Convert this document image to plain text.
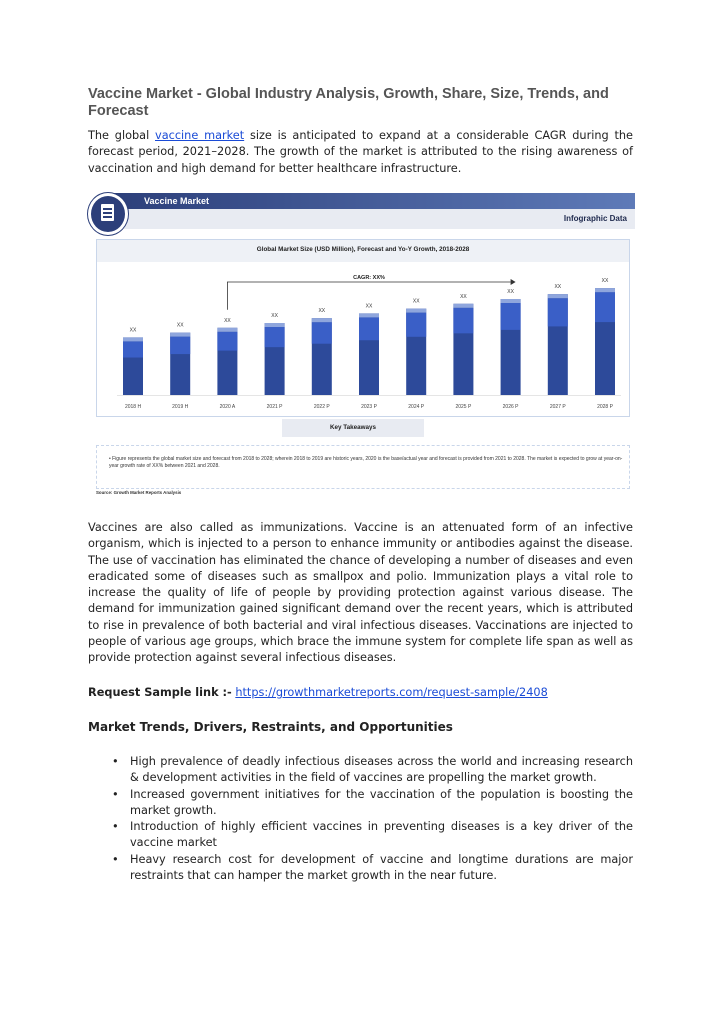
Vaccine Market - Global Industry Analysis, Growth, Share, Size, Trends, and Forecast
The global vaccine market size is anticipated to expand at a considerable CAGR during the forecast period, 2021–2028. The growth of the market is attributed to the rising awareness of vaccination and high demand for better healthcare infrastructure.
Infographic Data
Vaccine Market
Global Market Size (USD Million), Forecast and Yo-Y Growth, 2018-2028
XX
2018 H
XX
2019 H
XX
2020 A
XX
2021 P
XX
2022 P
XX
2023 P
XX
2024 P
XX
2025 P
XX
2026 P
XX
2027 P
XX
2028 P
CAGR: XX%
Key Takeaways
• Figure represents the global market size and forecast from 2018 to 2028; wherein 2018 to 2019 are historic years, 2020 is the base/actual year and forecast is provided from 2021 to 2028. The market is expected to grow at year-on-year growth rate of XX% between 2021 and 2028.
Source: Growth Market Reports Analysis
Vaccines are also called as immunizations. Vaccine is an attenuated form of an infective organism, which is injected to a person to enhance immunity or antibodies against the disease. The use of vaccination has eliminated the chance of developing a number of diseases and even eradicated some of diseases such as smallpox and polio. Immunization plays a vital role to increase the quality of life of people by providing protection against various disease. The demand for immunization gained significant demand over the recent years, which is attributed to rise in prevalence of both bacterial and viral infectious diseases. Vaccinations are injected to people of various age groups, which brace the immune system for complete life span as well as provide protection against several infectious diseases.
Request Sample link :- https://growthmarketreports.com/request-sample/2408
Market Trends, Drivers, Restraints, and Opportunities
• High prevalence of deadly infectious diseases across the world and increasing research & development activities in the field of vaccines are propelling the market growth.
• Increased government initiatives for the vaccination of the population is boosting the market growth.
• Introduction of highly efficient vaccines in preventing diseases is a key driver of the vaccine market
• Heavy research cost for development of vaccine and longtime durations are major restraints that can hamper the market growth in the near future.
